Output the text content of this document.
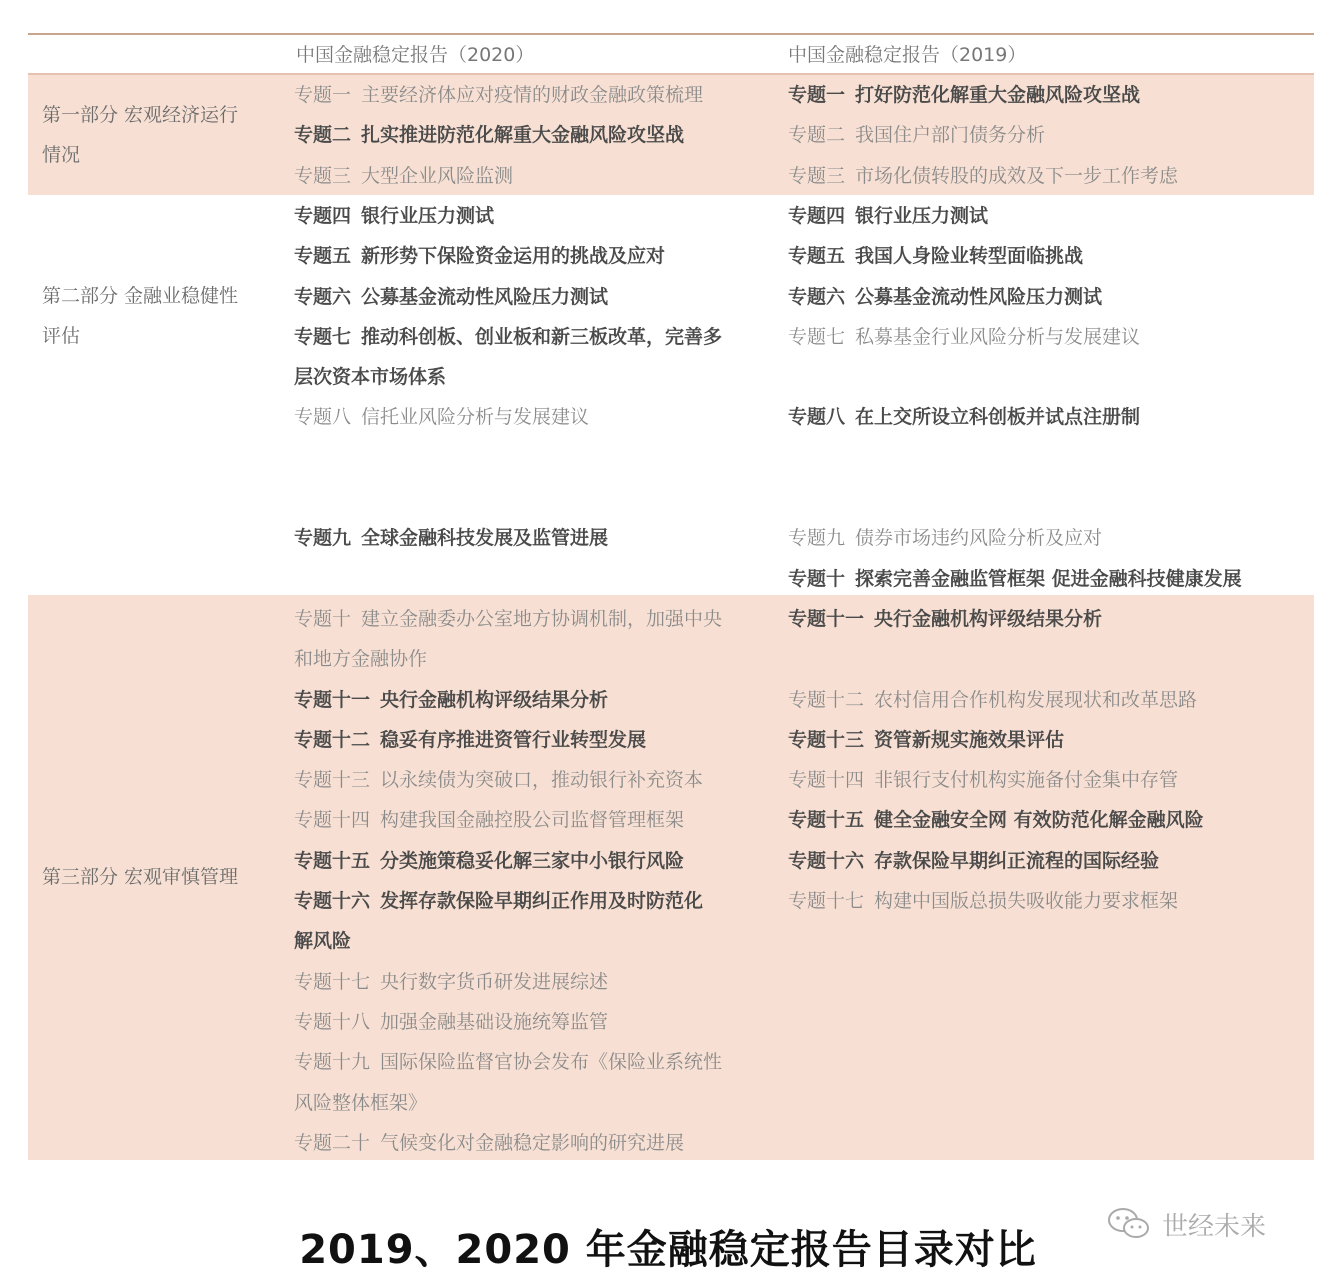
中国金融稳定报告（2020）	中国金融稳定报告（2019）
第一部分 宏观经济运行
情况
第二部分 金融业稳健性
评估
第三部分 宏观审慎管理
专题一 主要经济体应对疫情的财政金融政策梳理
专题二 扎实推进防范化解重大金融风险攻坚战
专题三 大型企业风险监测
专题四 银行业压力测试
专题五 新形势下保险资金运用的挑战及应对
专题六 公募基金流动性风险压力测试
专题七 推动科创板、创业板和新三板改革，完善多
层次资本市场体系
专题八 信托业风险分析与发展建议
专题九 全球金融科技发展及监管进展
专题十 建立金融委办公室地方协调机制，加强中央
和地方金融协作
专题十一 央行金融机构评级结果分析
专题十二 稳妥有序推进资管行业转型发展
专题十三 以永续债为突破口，推动银行补充资本
专题十四 构建我国金融控股公司监督管理框架
专题十五 分类施策稳妥化解三家中小银行风险
专题十六 发挥存款保险早期纠正作用及时防范化
解风险
专题十七 央行数字货币研发进展综述
专题十八 加强金融基础设施统筹监管
专题十九 国际保险监督官协会发布《保险业系统性
风险整体框架》
专题二十 气候变化对金融稳定影响的研究进展
专题一 打好防范化解重大金融风险攻坚战
专题二 我国住户部门债务分析
专题三 市场化债转股的成效及下一步工作考虑
专题四 银行业压力测试
专题五 我国人身险业转型面临挑战
专题六 公募基金流动性风险压力测试
专题七 私募基金行业风险分析与发展建议
专题八 在上交所设立科创板并试点注册制
专题九 债券市场违约风险分析及应对
专题十 探索完善金融监管框架 促进金融科技健康发展
专题十一 央行金融机构评级结果分析
专题十二 农村信用合作机构发展现状和改革思路
专题十三 资管新规实施效果评估
专题十四 非银行支付机构实施备付金集中存管
专题十五 健全金融安全网 有效防范化解金融风险
专题十六 存款保险早期纠正流程的国际经验
专题十七 构建中国版总损失吸收能力要求框架
2019、2020 年金融稳定报告目录对比
世经未来
